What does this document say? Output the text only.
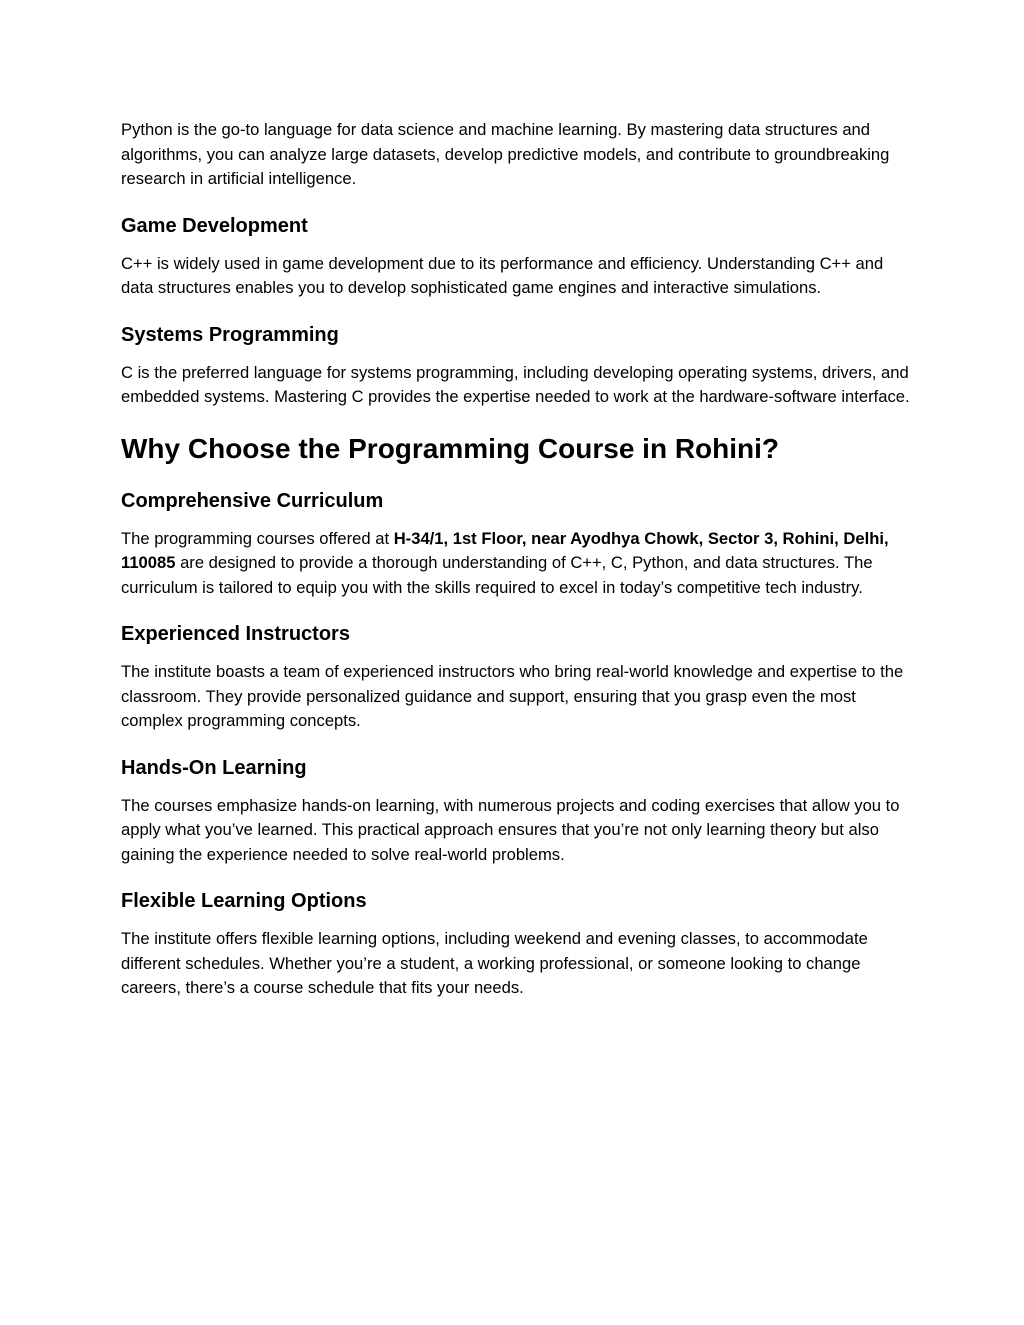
Python is the go-to language for data science and machine learning. By mastering data structures and algorithms, you can analyze large datasets, develop predictive models, and contribute to groundbreaking research in artificial intelligence.

Game Development

C++ is widely used in game development due to its performance and efficiency. Understanding C++ and data structures enables you to develop sophisticated game engines and interactive simulations.

Systems Programming

C is the preferred language for systems programming, including developing operating systems, drivers, and embedded systems. Mastering C provides the expertise needed to work at the hardware-software interface.

Why Choose the Programming Course in Rohini?
Comprehensive Curriculum

The programming courses offered at H-34/1, 1st Floor, near Ayodhya Chowk, Sector 3, Rohini, Delhi, 110085 are designed to provide a thorough understanding of C++, C, Python, and data structures. The curriculum is tailored to equip you with the skills required to excel in today’s competitive tech industry.

Experienced Instructors

The institute boasts a team of experienced instructors who bring real-world knowledge and expertise to the classroom. They provide personalized guidance and support, ensuring that you grasp even the most complex programming concepts.

Hands-On Learning

The courses emphasize hands-on learning, with numerous projects and coding exercises that allow you to apply what you’ve learned. This practical approach ensures that you’re not only learning theory but also gaining the experience needed to solve real-world problems.

Flexible Learning Options

The institute offers flexible learning options, including weekend and evening classes, to accommodate different schedules. Whether you’re a student, a working professional, or someone looking to change careers, there’s a course schedule that fits your needs.
